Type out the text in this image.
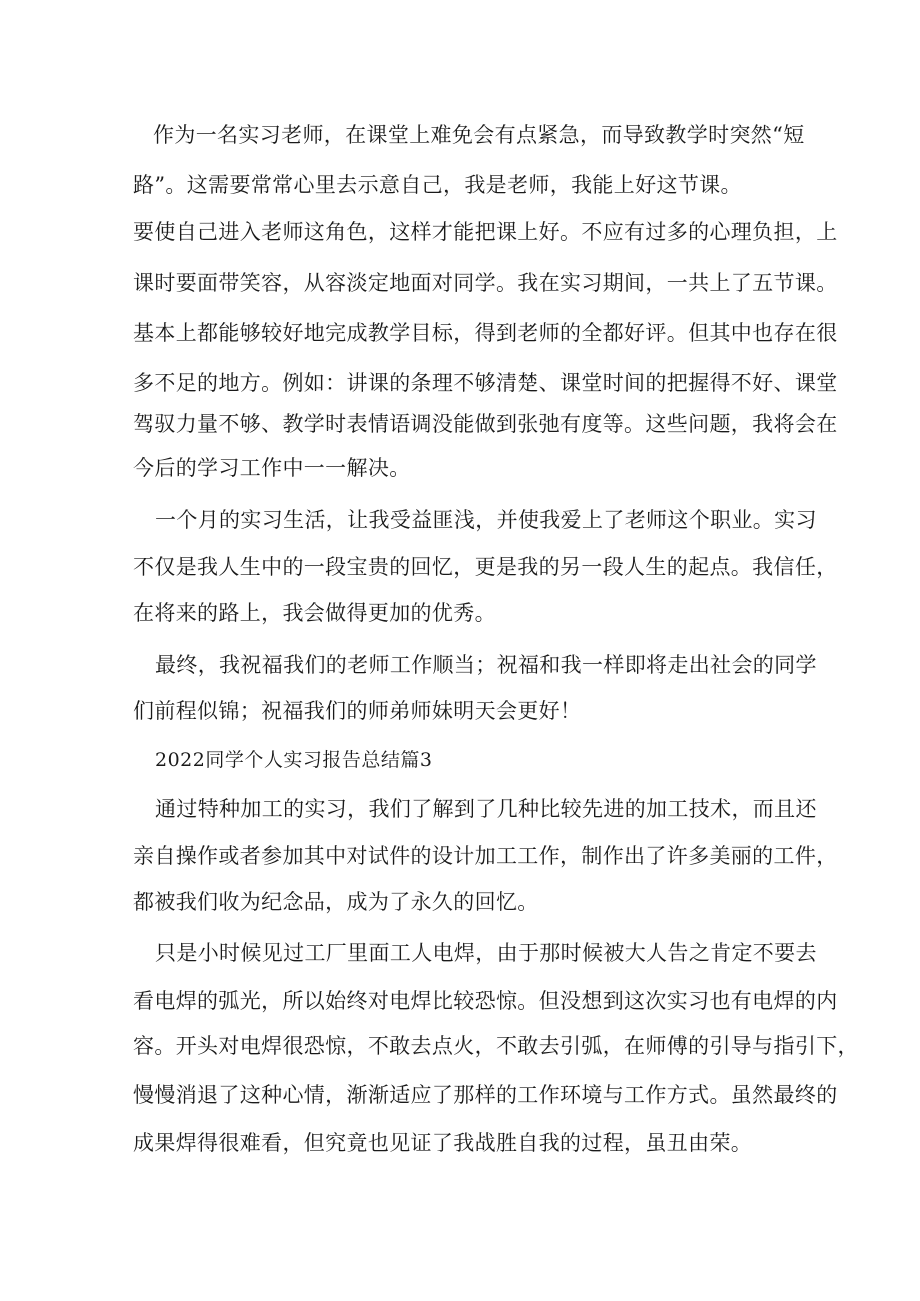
作为一名实习老师，在课堂上难免会有点紧急，而导致教学时突然“短
路”。这需要常常心里去示意自己，我是老师，我能上好这节课。
要使自己进入老师这角色，这样才能把课上好。不应有过多的心理负担，上
课时要面带笑容，从容淡定地面对同学。我在实习期间，一共上了五节课。
基本上都能够较好地完成教学目标，得到老师的全都好评。但其中也存在很
多不足的地方。例如：讲课的条理不够清楚、课堂时间的把握得不好、课堂
驾驭力量不够、教学时表情语调没能做到张弛有度等。这些问题，我将会在
今后的学习工作中一一解决。
一个月的实习生活，让我受益匪浅，并使我爱上了老师这个职业。实习
不仅是我人生中的一段宝贵的回忆，更是我的另一段人生的起点。我信任，
在将来的路上，我会做得更加的优秀。
最终，我祝福我们的老师工作顺当；祝福和我一样即将走出社会的同学
们前程似锦；祝福我们的师弟师妹明天会更好！
2022同学个人实习报告总结篇3
通过特种加工的实习，我们了解到了几种比较先进的加工技术，而且还
亲自操作或者参加其中对试件的设计加工工作，制作出了许多美丽的工件，
都被我们收为纪念品，成为了永久的回忆。
只是小时候见过工厂里面工人电焊，由于那时候被大人告之肯定不要去
看电焊的弧光，所以始终对电焊比较恐惊。但没想到这次实习也有电焊的内
容。开头对电焊很恐惊，不敢去点火，不敢去引弧，在师傅的引导与指引下，
慢慢消退了这种心情，渐渐适应了那样的工作环境与工作方式。虽然最终的
成果焊得很难看，但究竟也见证了我战胜自我的过程，虽丑由荣。
